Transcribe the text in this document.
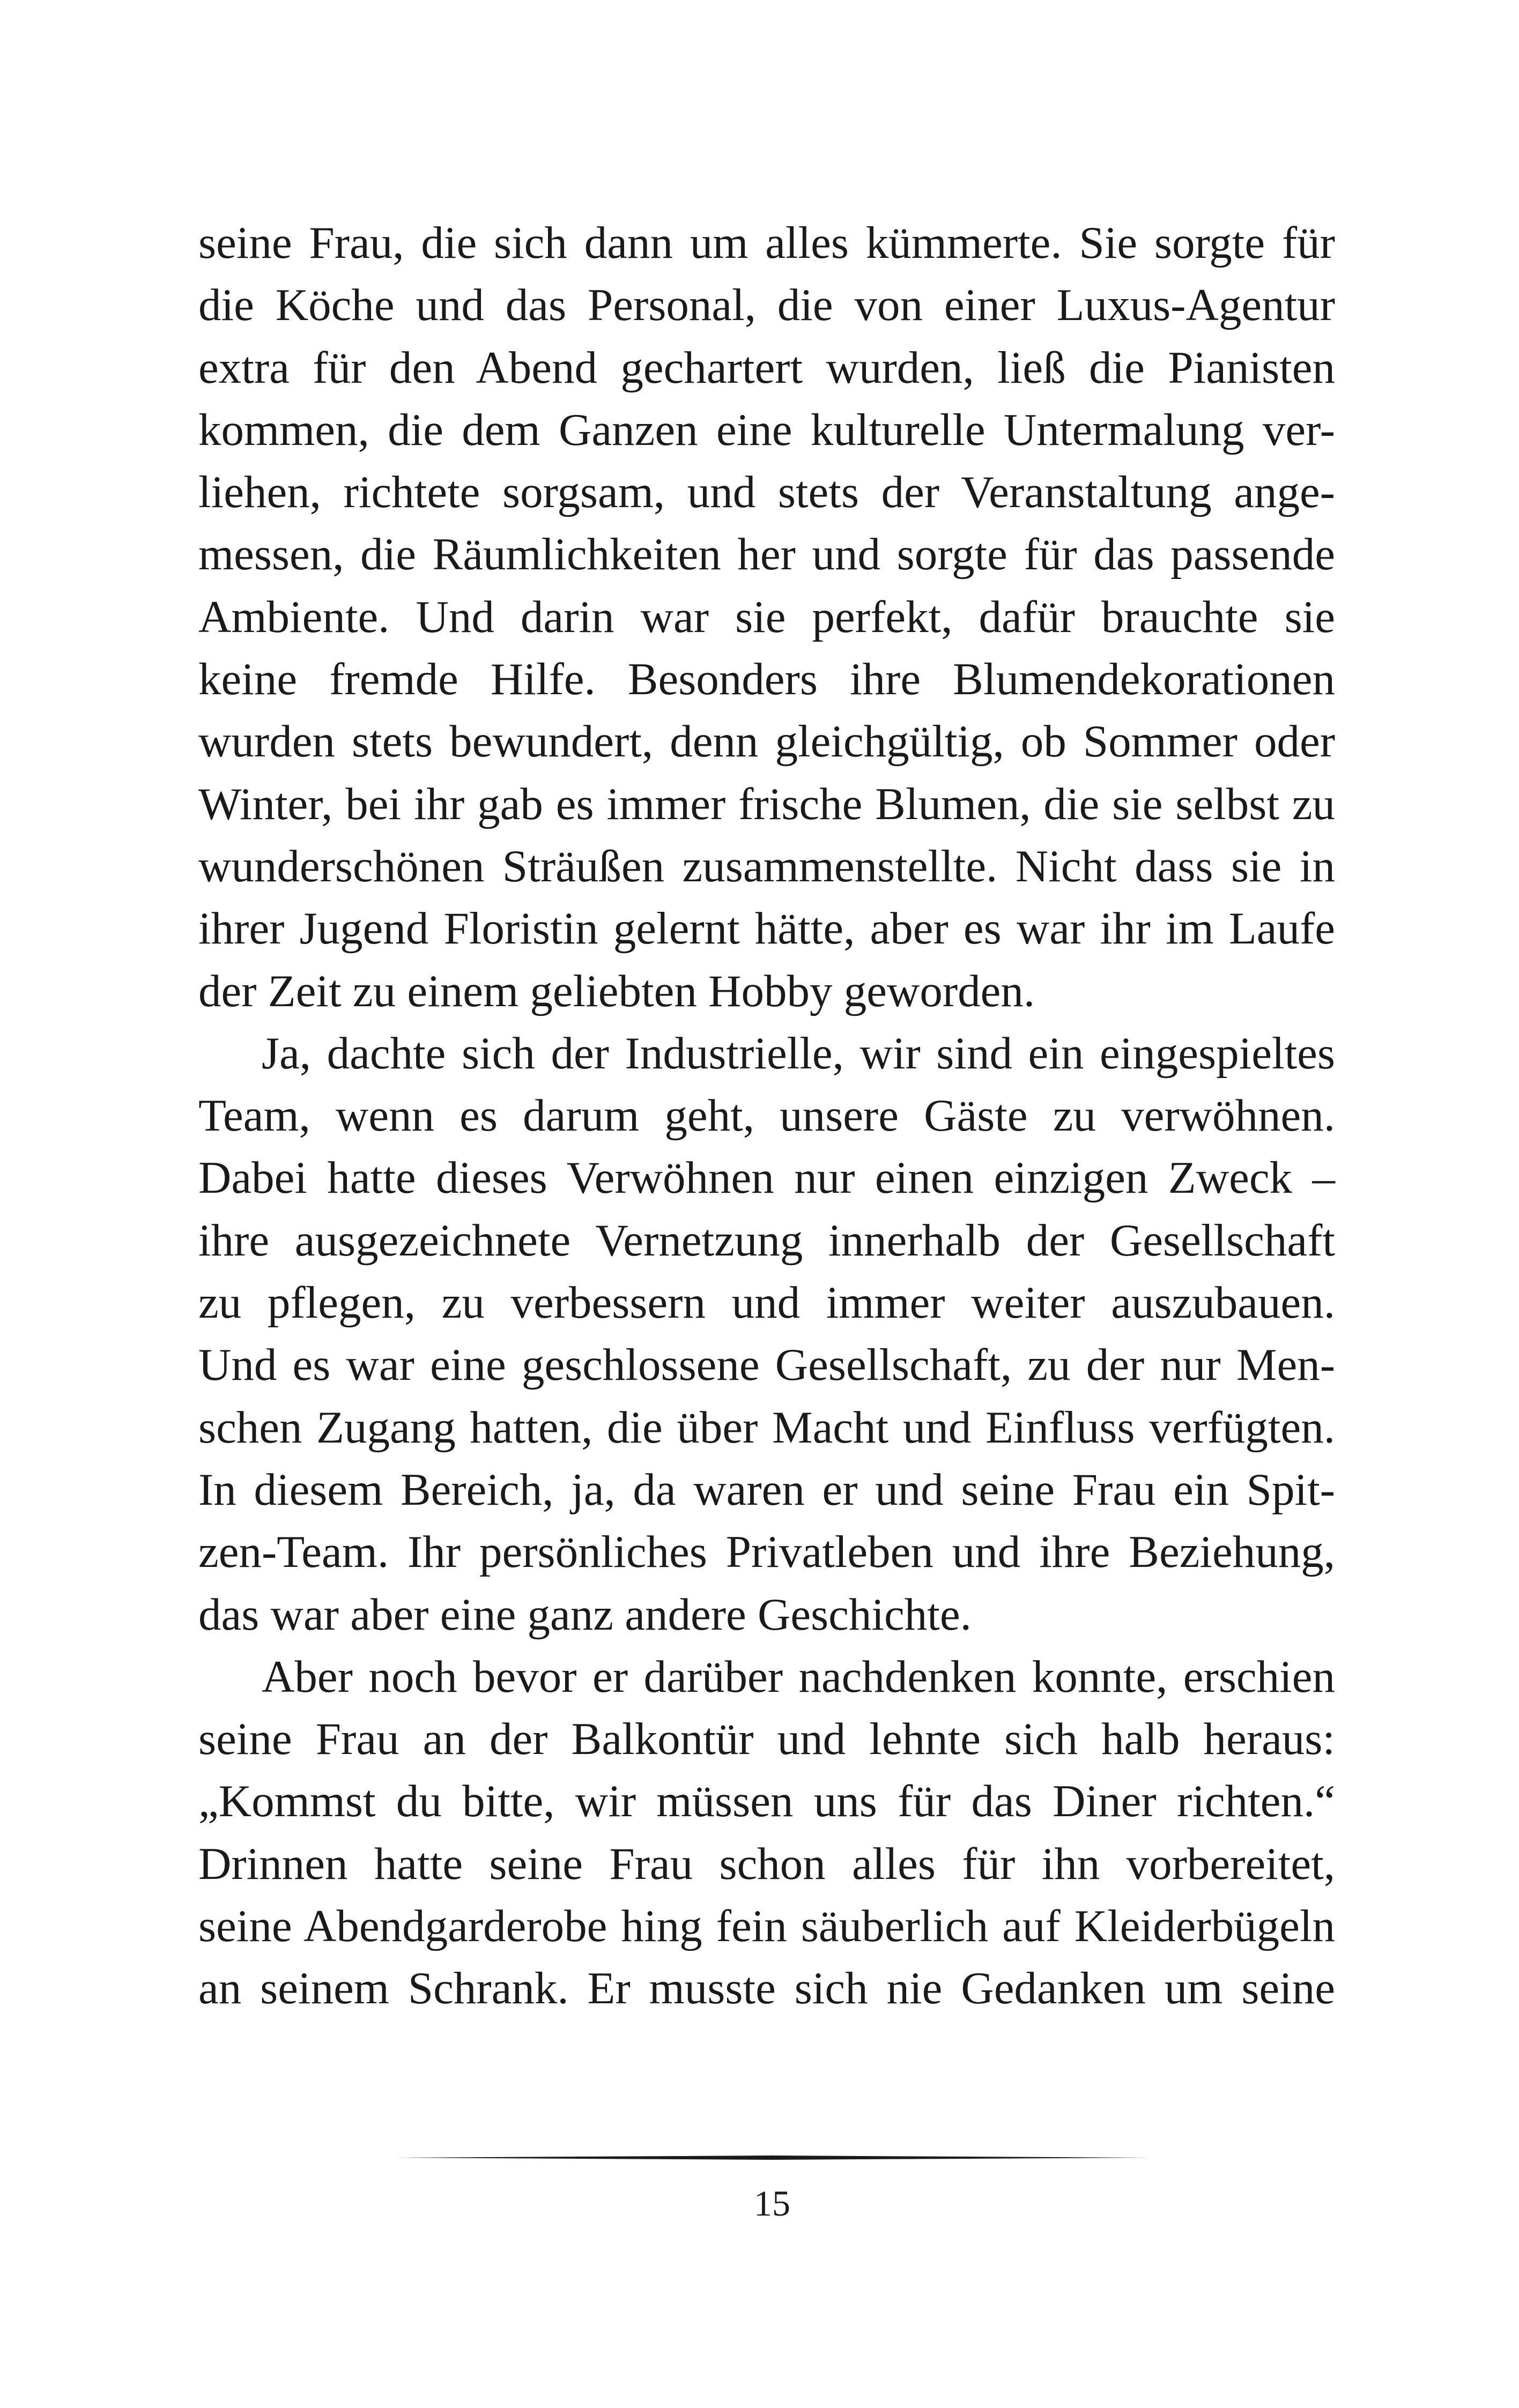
seine Frau, die sich dann um alles kümmerte. Sie sorgte für
die Köche und das Personal, die von einer Luxus-Agentur
extra für den Abend gechartert wurden, ließ die Pianisten
kommen, die dem Ganzen eine kulturelle Untermalung ver-
liehen, richtete sorgsam, und stets der Veranstaltung ange-
messen, die Räumlichkeiten her und sorgte für das passende
Ambiente. Und darin war sie perfekt, dafür brauchte sie
keine fremde Hilfe. Besonders ihre Blumendekorationen
wurden stets bewundert, denn gleichgültig, ob Sommer oder
Winter, bei ihr gab es immer frische Blumen, die sie selbst zu
wunderschönen Sträußen zusammenstellte. Nicht dass sie in
ihrer Jugend Floristin gelernt hätte, aber es war ihr im Laufe
der Zeit zu einem geliebten Hobby geworden.
Ja, dachte sich der Industrielle, wir sind ein eingespieltes
Team, wenn es darum geht, unsere Gäste zu verwöhnen.
Dabei hatte dieses Verwöhnen nur einen einzigen Zweck –
ihre ausgezeichnete Vernetzung innerhalb der Gesellschaft
zu pflegen, zu verbessern und immer weiter auszubauen.
Und es war eine geschlossene Gesellschaft, zu der nur Men-
schen Zugang hatten, die über Macht und Einfluss verfügten.
In diesem Bereich, ja, da waren er und seine Frau ein Spit-
zen-Team. Ihr persönliches Privatleben und ihre Beziehung,
das war aber eine ganz andere Geschichte.
Aber noch bevor er darüber nachdenken konnte, erschien
seine Frau an der Balkontür und lehnte sich halb heraus:
„Kommst du bitte, wir müssen uns für das Diner richten.“
Drinnen hatte seine Frau schon alles für ihn vorbereitet,
seine Abendgarderobe hing fein säuberlich auf Kleiderbügeln
an seinem Schrank. Er musste sich nie Gedanken um seine
15
